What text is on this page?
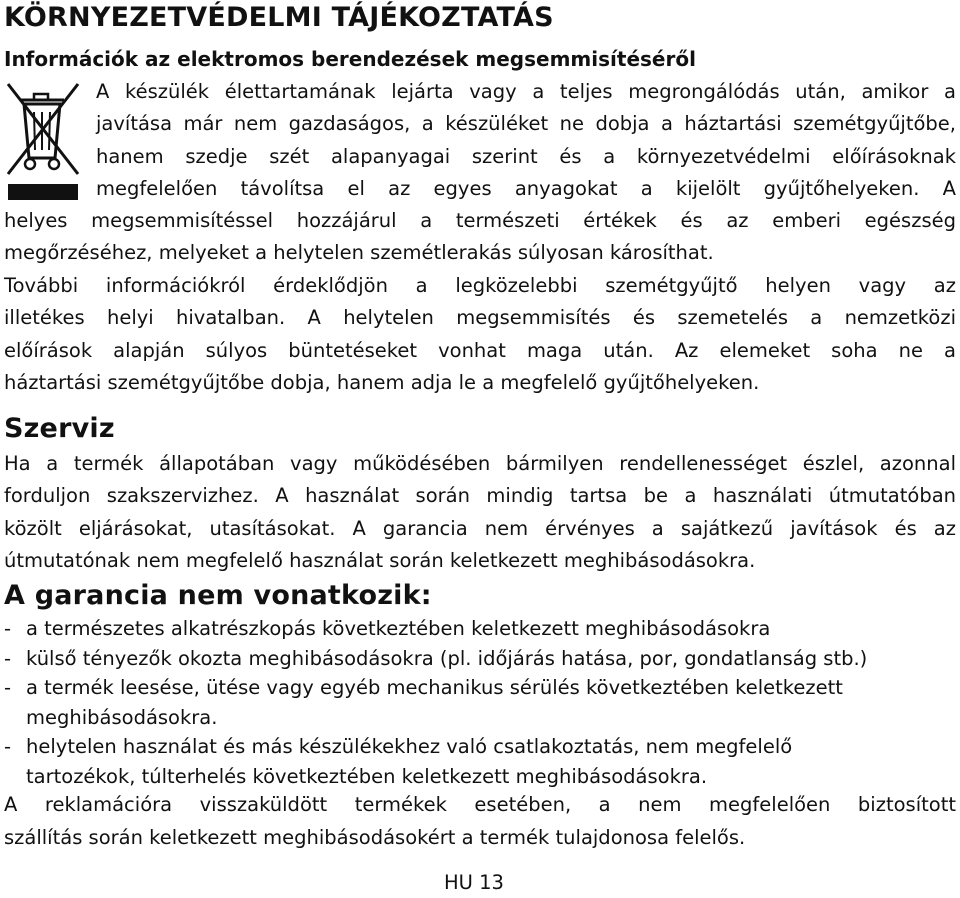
KÖRNYEZETVÉDELMI TÁJÉKOZTATÁS
Információk az elektromos berendezések megsemmisítéséről
A készülék élettartamának lejárta vagy a teljes megrongálódás után, amikor a
javítása már nem gazdaságos, a készüléket ne dobja a háztartási szemétgyűjtőbe,
hanem szedje szét alapanyagai szerint és a környezetvédelmi előírásoknak
megfelelően távolítsa el az egyes anyagokat a kijelölt gyűjtőhelyeken. A
helyes megsemmisítéssel hozzájárul a természeti értékek és az emberi egészség
megőrzéséhez, melyeket a helytelen szemétlerakás súlyosan károsíthat.
További információkról érdeklődjön a legközelebbi szemétgyűjtő helyen vagy az
illetékes helyi hivatalban. A helytelen megsemmisítés és szemetelés a nemzetközi
előírások alapján súlyos büntetéseket vonhat maga után. Az elemeket soha ne a
háztartási szemétgyűjtőbe dobja, hanem adja le a megfelelő gyűjtőhelyeken.
Szerviz
Ha a termék állapotában vagy működésében bármilyen rendellenességet észlel, azonnal
forduljon szakszervizhez. A használat során mindig tartsa be a használati útmutatóban
közölt eljárásokat, utasításokat. A garancia nem érvényes a sajátkezű javítások és az
útmutatónak nem megfelelő használat során keletkezett meghibásodásokra.
A garancia nem vonatkozik:
- a természetes alkatrészkopás következtében keletkezett meghibásodásokra
- külső tényezők okozta meghibásodásokra (pl. időjárás hatása, por, gondatlanság stb.)
- a termék leesése, ütése vagy egyéb mechanikus sérülés következtében keletkezett
meghibásodásokra.
- helytelen használat és más készülékekhez való csatlakoztatás, nem megfelelő
tartozékok, túlterhelés következtében keletkezett meghibásodásokra.
A reklamációra visszaküldött termékek esetében, a nem megfelelően biztosított
szállítás során keletkezett meghibásodásokért a termék tulajdonosa felelős.
HU 13
